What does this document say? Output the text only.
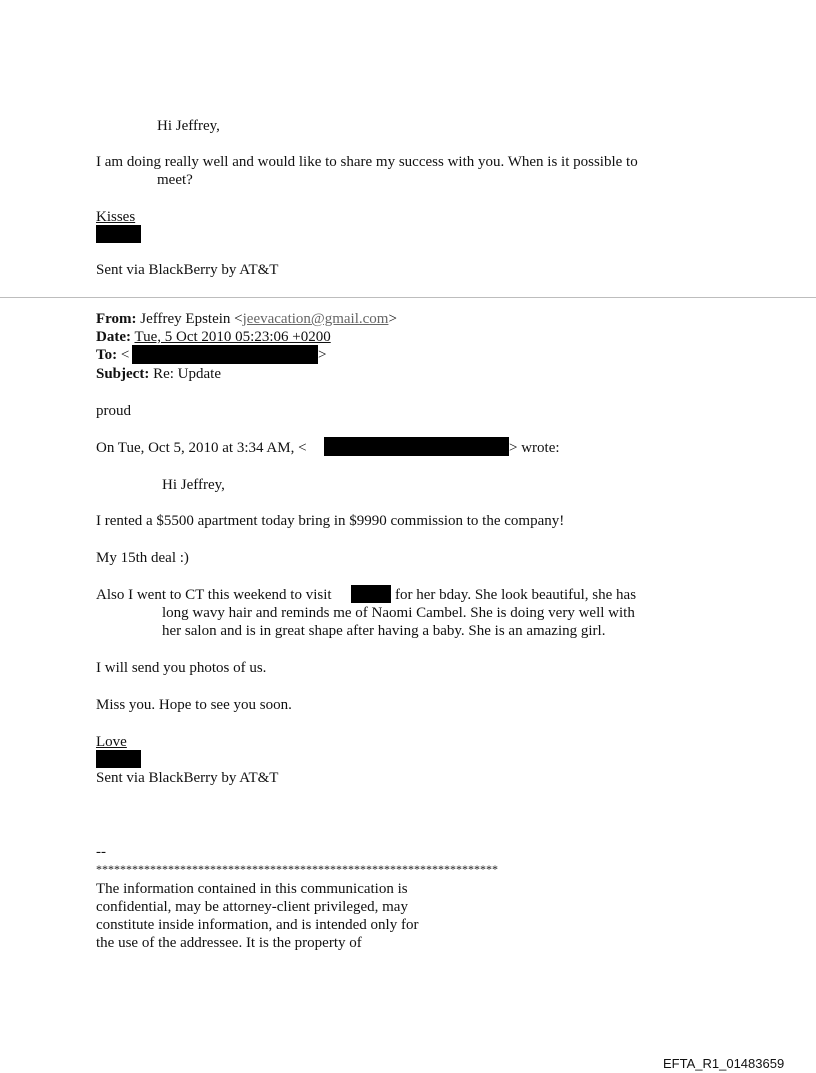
Hi Jeffrey,
I am doing really well and would like to share my success with you. When is it possible to
meet?
Kisses
Sent via BlackBerry by AT&T
From: Jeffrey Epstein <jeevacation@gmail.com>
Date: Tue, 5 Oct 2010 05:23:06 +0200
To: <	>
Subject: Re: Update
proud
On Tue, Oct 5, 2010 at 3:34 AM, <	> wrote:
Hi Jeffrey,
I rented a $5500 apartment today bring in $9990 commission to the company!
My 15th deal :)
Also I went to CT this weekend to visit	for her bday. She look beautiful, she has
long wavy hair and reminds me of Naomi Cambel. She is doing very well with
her salon and is in great shape after having a baby. She is an amazing girl.
I will send you photos of us.
Miss you. Hope to see you soon.
Love
Sent via BlackBerry by AT&T
--
*******************************************************************
The information contained in this communication is
confidential, may be attorney-client privileged, may
constitute inside information, and is intended only for
the use of the addressee. It is the property of
EFTA_R1_01483659
